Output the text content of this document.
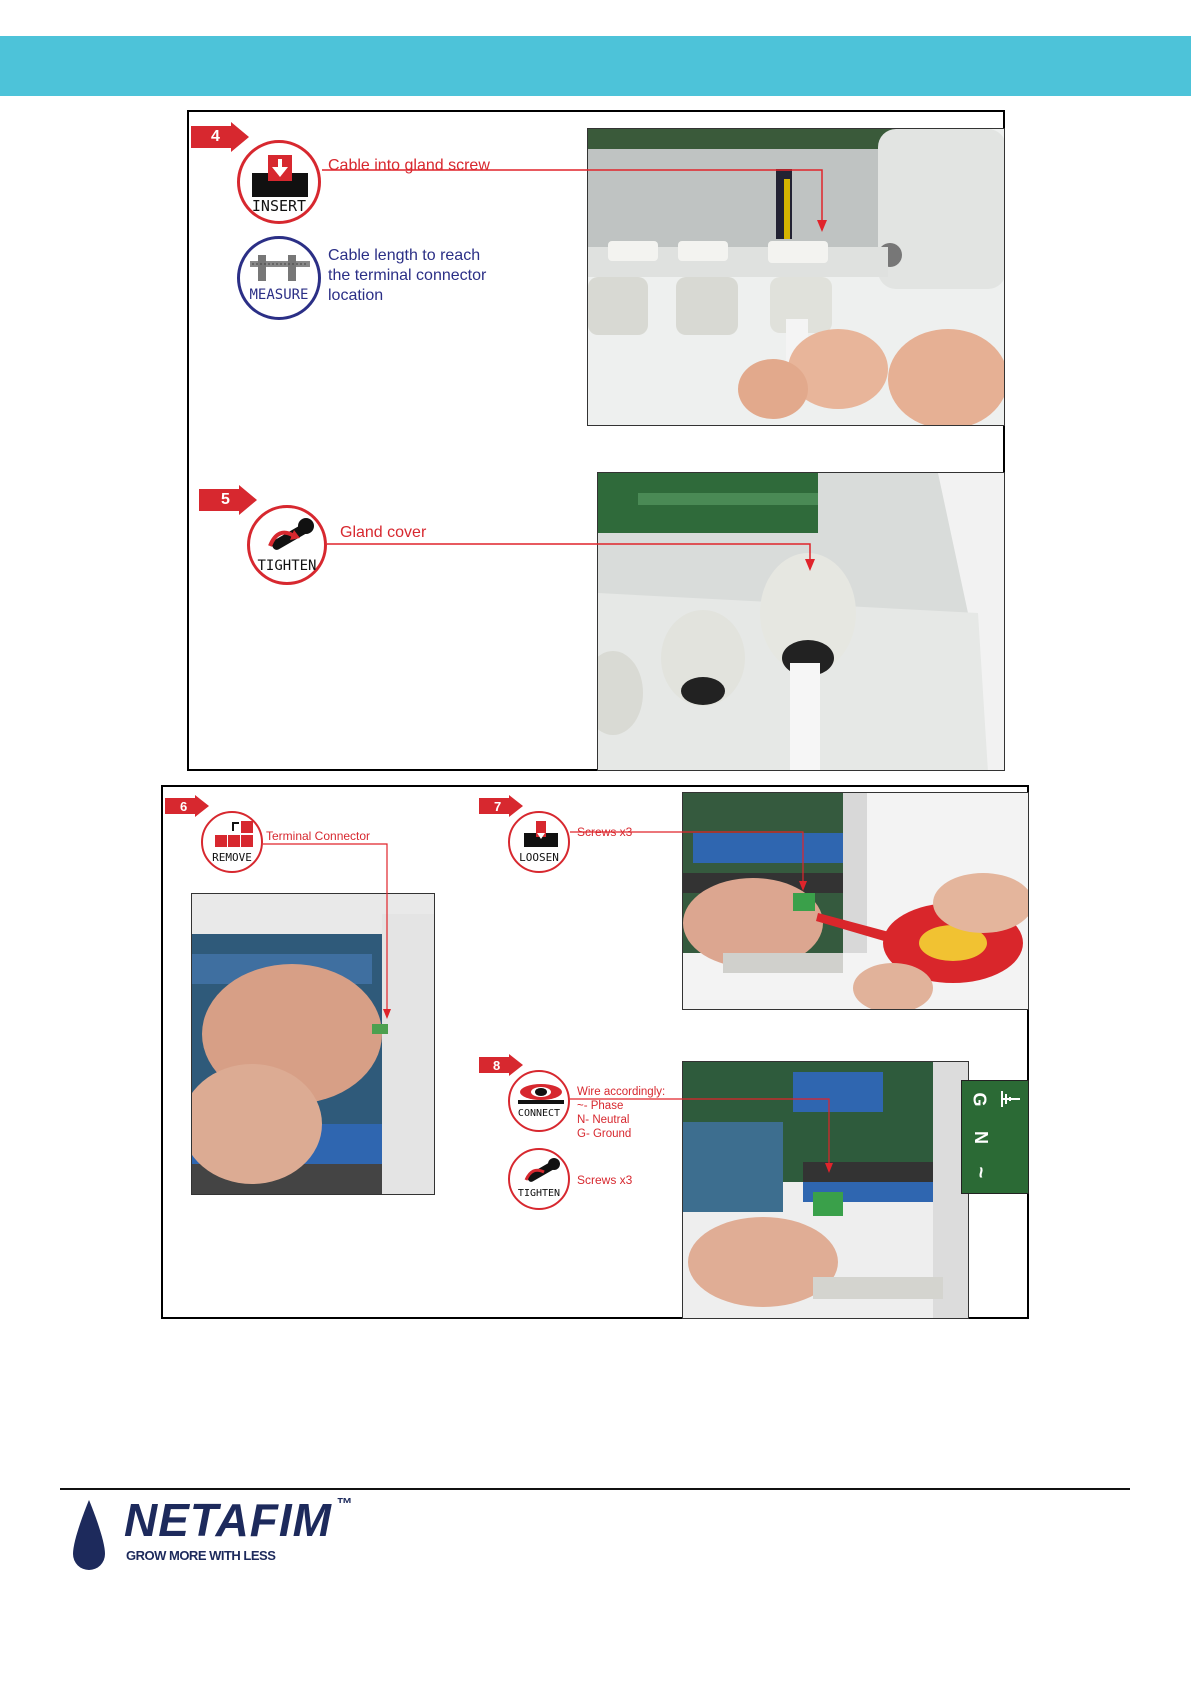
4
INSERT
Cable into gland screw
MEASURE
Cable length to reach
the terminal connector
location
5
TIGHTEN
Gland cover
6
REMOVE
Terminal Connector
7
LOOSEN
Screws x3
8
CONNECT
Wire accordingly:
~- Phase
N- Neutral
G- Ground
TIGHTEN
Screws x3
G
N
~
NETAFIM ™
GROW MORE WITH LESS
